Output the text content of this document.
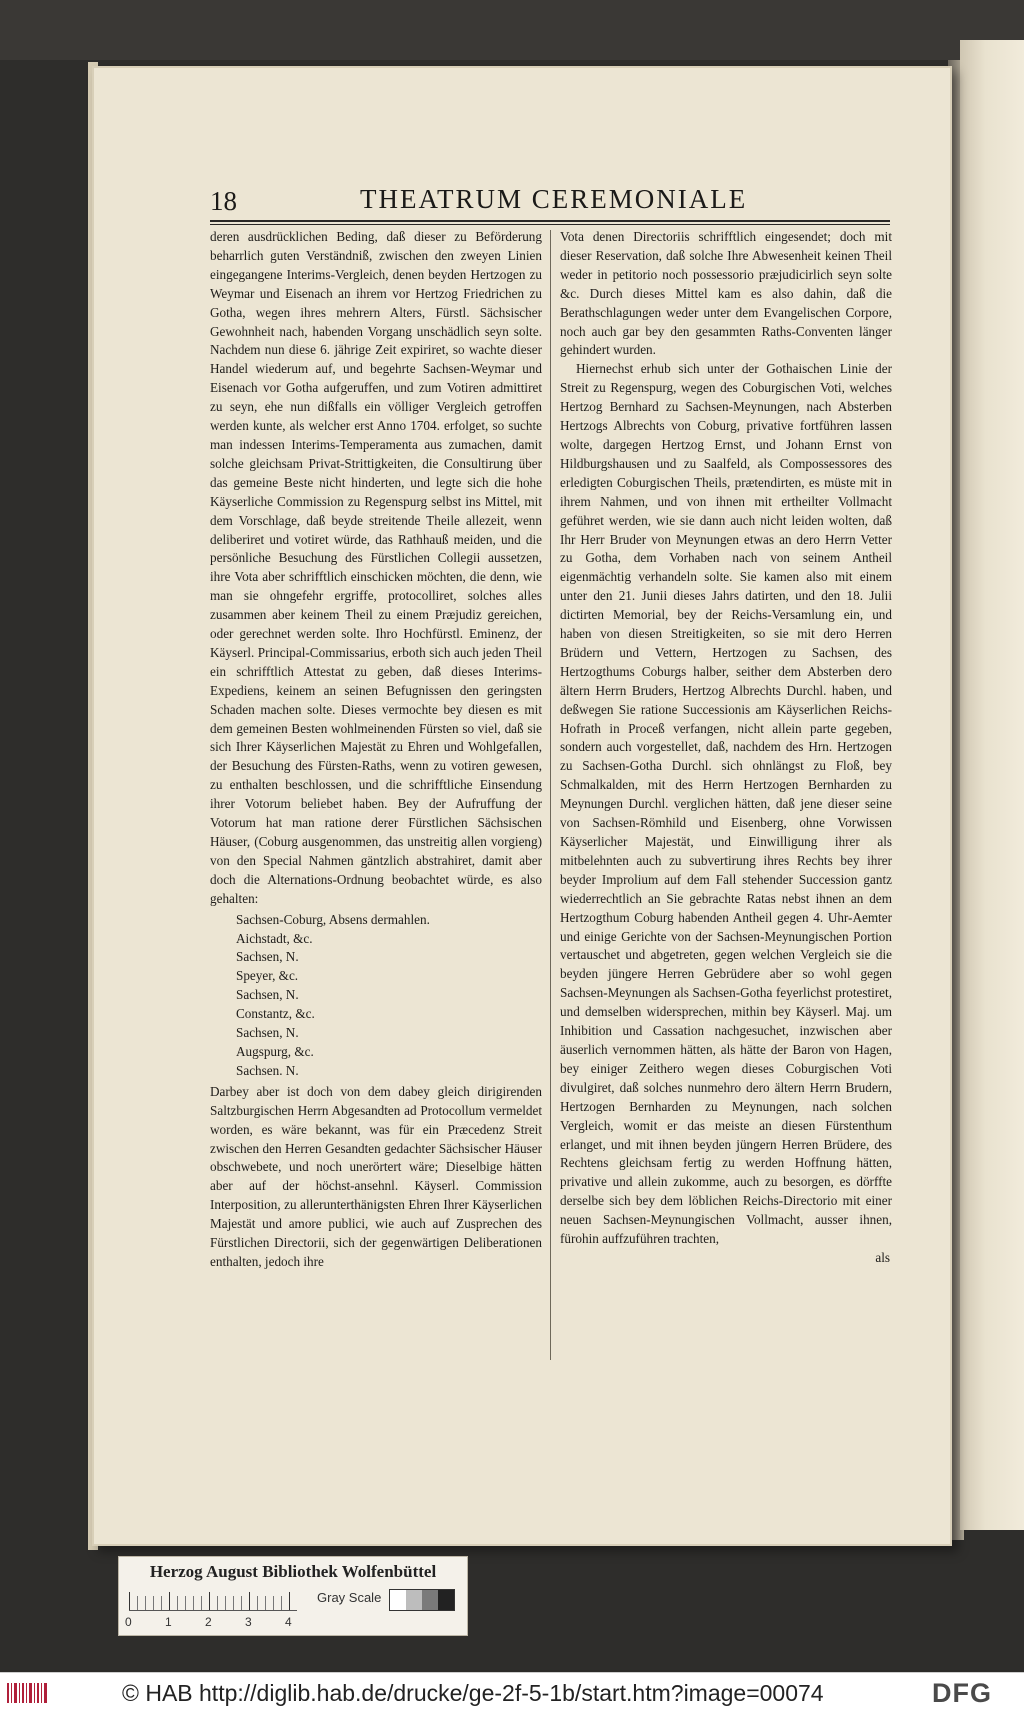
18	THEATRUM CEREMONIALE

deren ausdrücklichen Beding, daß dieser zu Beförderung beharrlich guten Verständniß, zwischen den zweyen Linien eingegangene Interims-Vergleich, denen beyden Hertzogen zu Weymar und Eisenach an ihrem vor Hertzog Friedrichen zu Gotha, wegen ihres mehrern Alters, Fürstl. Sächsischer Gewohnheit nach, habenden Vorgang unschädlich seyn solte. Nachdem nun diese 6. jährige Zeit expiriret, so wachte dieser Handel wiederum auf, und begehrte Sachsen-Weymar und Eisenach vor Gotha aufgeruffen, und zum Votiren admittiret zu seyn, ehe nun dißfalls ein völliger Vergleich getroffen werden kunte, als welcher erst Anno 1704. erfolget, so suchte man indessen Interims-Temperamenta aus zumachen, damit solche gleichsam Privat-Strittigkeiten, die Consultirung über das gemeine Beste nicht hinderten, und legte sich die hohe Käyserliche Commission zu Regenspurg selbst ins Mittel, mit dem Vorschlage, daß beyde streitende Theile allezeit, wenn deliberiret und votiret würde, das Rathhauß meiden, und die persönliche Besuchung des Fürstlichen Collegii aussetzen, ihre Vota aber schrifftlich einschicken möchten, die denn, wie man sie ohngefehr ergriffe, protocolliret, solches alles zusammen aber keinem Theil zu einem Præjudiz gereichen, oder gerechnet werden solte. Ihro Hochfürstl. Eminenz, der Käyserl. Principal-Commissarius, erboth sich auch jeden Theil ein schrifftlich Attestat zu geben, daß dieses Interims-Expediens, keinem an seinen Befugnissen den geringsten Schaden machen solte. Dieses vermochte bey diesen es mit dem gemeinen Besten wohlmeinenden Fürsten so viel, daß sie sich Ihrer Käyserlichen Majestät zu Ehren und Wohlgefallen, der Besuchung des Fürsten-Raths, wenn zu votiren gewesen, zu enthalten beschlossen, und die schrifftliche Einsendung ihrer Votorum beliebet haben. Bey der Aufruffung der Votorum hat man ratione derer Fürstlichen Sächsischen Häuser, (Coburg ausgenommen, das unstreitig allen vorgieng) von den Special Nahmen gäntzlich abstrahiret, damit aber doch die Alternations-Ordnung beobachtet würde, es also gehalten:

Sachsen-Coburg, Absens dermahlen.

Aichstadt, &c.

Sachsen, N.

Speyer, &c.

Sachsen, N.

Constantz, &c.

Sachsen, N.

Augspurg, &c.

Sachsen. N.

Darbey aber ist doch von dem dabey gleich dirigirenden Saltzburgischen Herrn Abgesandten ad Protocollum vermeldet worden, es wäre bekannt, was für ein Præcedenz Streit zwischen den Herren Gesandten gedachter Sächsischer Häuser obschwebete, und noch unerörtert wäre; Dieselbige hätten aber auf der höchst-ansehnl. Käyserl. Commission Interposition, zu allerunterthänigsten Ehren Ihrer Käyserlichen Majestät und amore publici, wie auch auf Zusprechen des Fürstlichen Directorii, sich der gegenwärtigen Deliberationen enthalten, jedoch ihre

Vota denen Directoriis schrifftlich eingesendet; doch mit dieser Reservation, daß solche Ihre Abwesenheit keinen Theil weder in petitorio noch possessorio præjudicirlich seyn solte &c. Durch dieses Mittel kam es also dahin, daß die Berathschlagungen weder unter dem Evangelischen Corpore, noch auch gar bey den gesammten Raths-Conventen länger gehindert wurden.

Hiernechst erhub sich unter der Gothaischen Linie der Streit zu Regenspurg, wegen des Coburgischen Voti, welches Hertzog Bernhard zu Sachsen-Meynungen, nach Absterben Hertzogs Albrechts von Coburg, privative fortführen lassen wolte, dargegen Hertzog Ernst, und Johann Ernst von Hildburgshausen und zu Saalfeld, als Compossessores des erledigten Coburgischen Theils, prætendirten, es müste mit in ihrem Nahmen, und von ihnen mit ertheilter Vollmacht geführet werden, wie sie dann auch nicht leiden wolten, daß Ihr Herr Bruder von Meynungen etwas an dero Herrn Vetter zu Gotha, dem Vorhaben nach von seinem Antheil eigenmächtig verhandeln solte. Sie kamen also mit einem unter den 21. Junii dieses Jahrs datirten, und den 18. Julii dictirten Memorial, bey der Reichs-Versamlung ein, und haben von diesen Streitigkeiten, so sie mit dero Herren Brüdern und Vettern, Hertzogen zu Sachsen, des Hertzogthums Coburgs halber, seither dem Absterben dero ältern Herrn Bruders, Hertzog Albrechts Durchl. haben, und deßwegen Sie ratione Successionis am Käyserlichen Reichs-Hofrath in Proceß verfangen, nicht allein parte gegeben, sondern auch vorgestellet, daß, nachdem des Hrn. Hertzogen zu Sachsen-Gotha Durchl. sich ohnlängst zu Floß, bey Schmalkalden, mit des Herrn Hertzogen Bernharden zu Meynungen Durchl. verglichen hätten, daß jene dieser seine von Sachsen-Römhild und Eisenberg, ohne Vorwissen Käyserlicher Majestät, und Einwilligung ihrer als mitbelehnten auch zu subvertirung ihres Rechts bey ihrer beyder Improlium auf dem Fall stehender Succession gantz wiederrechtlich an Sie gebrachte Ratas nebst ihnen an dem Hertzogthum Coburg habenden Antheil gegen 4. Uhr-Aemter und einige Gerichte von der Sachsen-Meynungischen Portion vertauschet und abgetreten, gegen welchen Vergleich sie die beyden jüngere Herren Gebrüdere aber so wohl gegen Sachsen-Meynungen als Sachsen-Gotha feyerlichst protestiret, und demselben widersprechen, mithin bey Käyserl. Maj. um Inhibition und Cassation nachgesuchet, inzwischen aber äuserlich vernommen hätten, als hätte der Baron von Hagen, bey einiger Zeithero wegen dieses Coburgischen Voti divulgiret, daß solches nunmehro dero ältern Herrn Brudern, Hertzogen Bernharden zu Meynungen, nach solchen Vergleich, womit er das meiste an diesen Fürstenthum erlanget, und mit ihnen beyden jüngern Herren Brüdere, des Rechtens gleichsam fertig zu werden Hoffnung hätten, privative und allein zukomme, auch zu besorgen, es dörffte derselbe sich bey dem löblichen Reichs-Directorio mit einer neuen Sachsen-Meynungischen Vollmacht, ausser ihnen, fürohin auffzuführen trachten,

als

Herzog August Bibliothek Wolfenbüttel
0	1	2	3	4
Gray Scale
© HAB http://diglib.hab.de/drucke/ge-2f-5-1b/start.htm?image=00074	DFG
